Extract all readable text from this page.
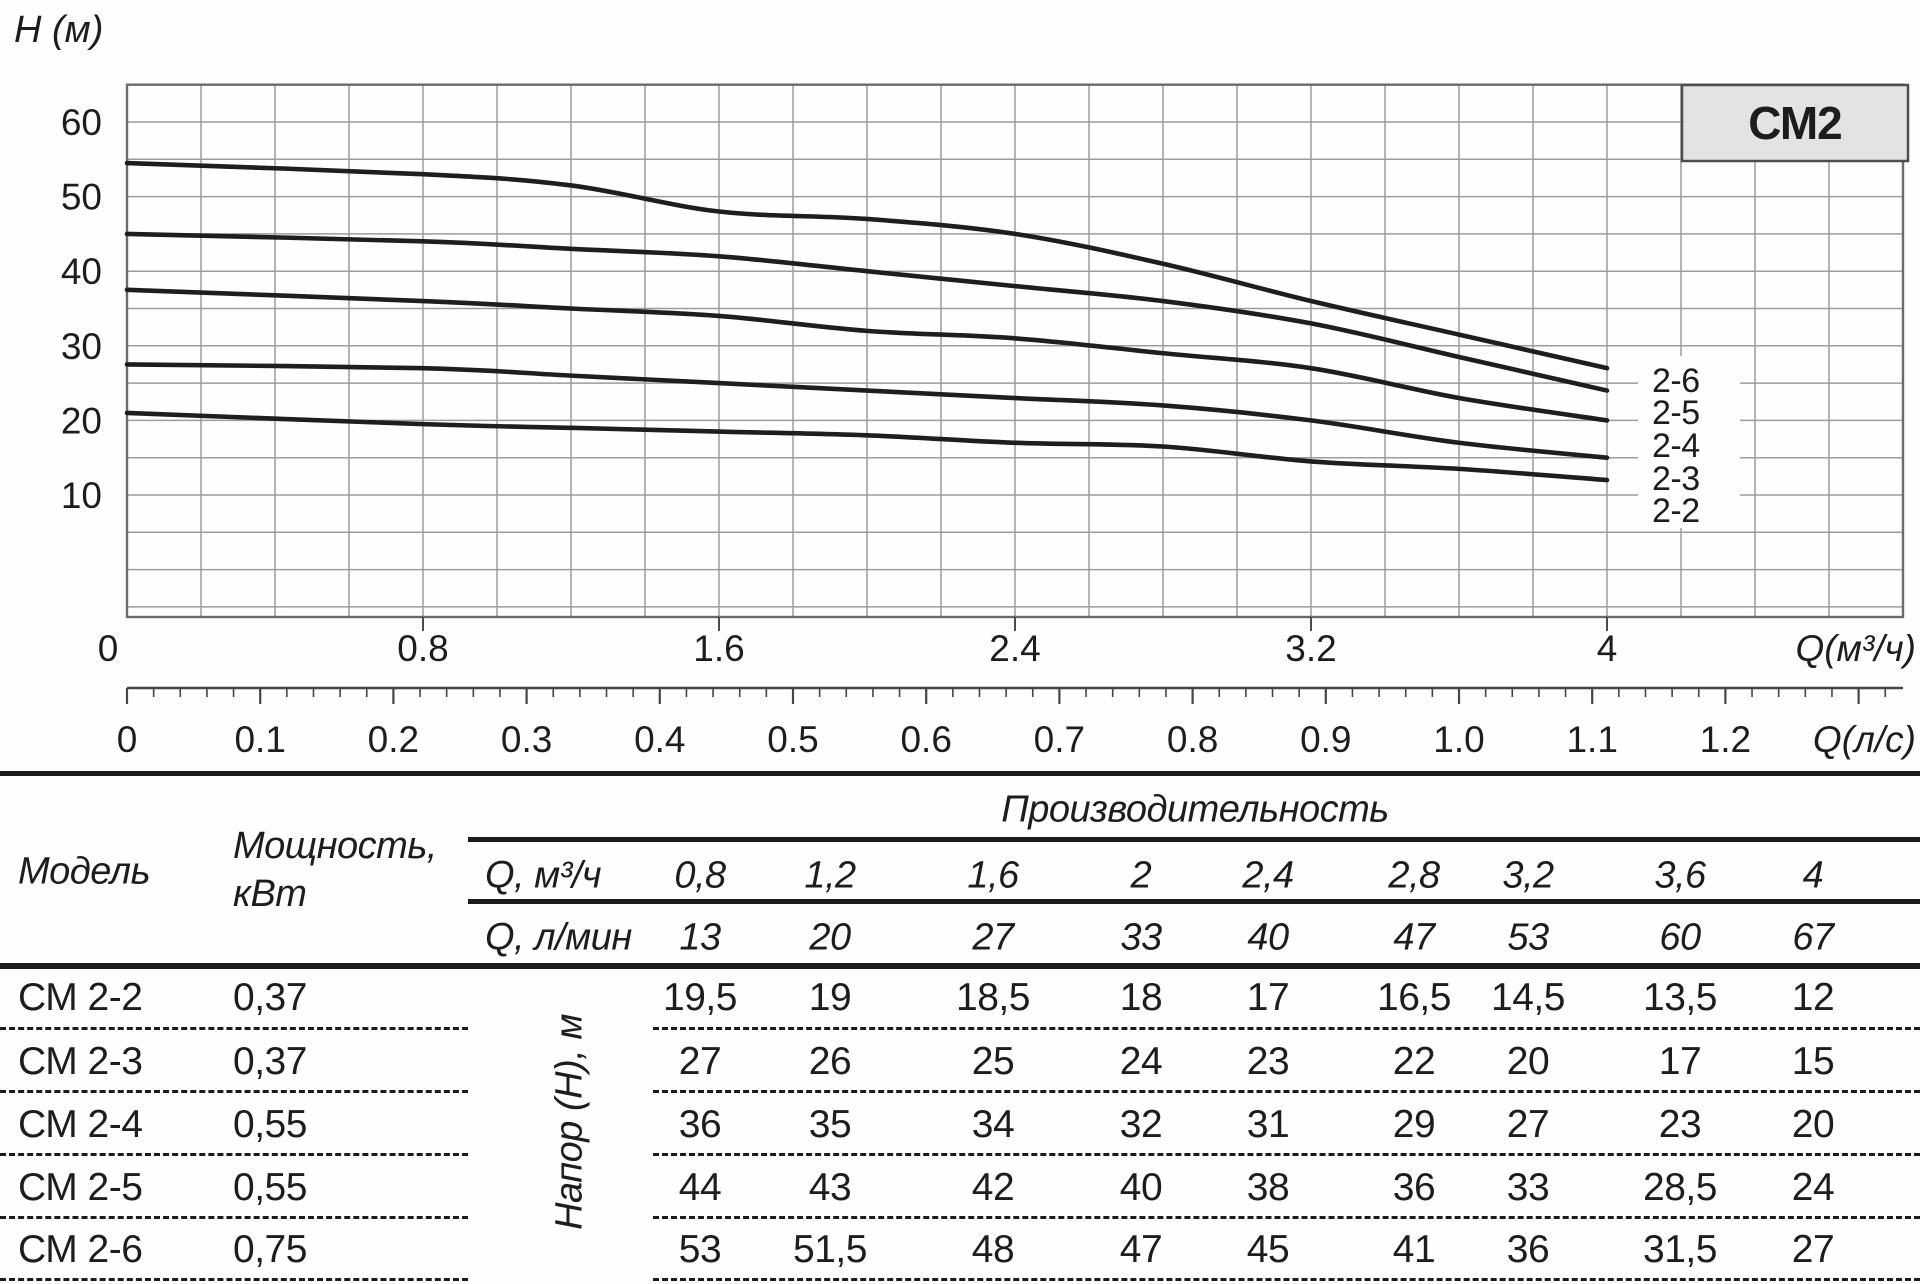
СМ2
2-6
2-5
2-4
2-3
2-2
H (м)
10
20
30
40
50
60
0	0.8	1.6	2.4	3.2	4	Q(м³/ч)
0	0.1 0.2 0.3 0.4 0.5 0.6 0.7 0.8 0.9 1.0 1.1 1.2 Q(л/с)
Модель
Мощность,
кВт
Производительность
Q, м³/ч 0,8 1,2	1,6	2 2,4 2,8 3,2	3,6	4
Q, л/мин 13 20	27	33 40	47 53	60 67
СМ 2-2 0,37	19,5 19	18,5 18 17 16,5 14,5 13,5 12
СМ 2-3 0,37	27 26	25	24 23	22 20	17 15
СМ 2-4 0,55	36 35	34	32 31	29 27	23 20
СМ 2-5 0,55	44 43	42	40 38	36 33 28,5 24
СМ 2-6 0,75	53 51,5	48	47 45	41 36 31,5 27
Напор (Н), м
